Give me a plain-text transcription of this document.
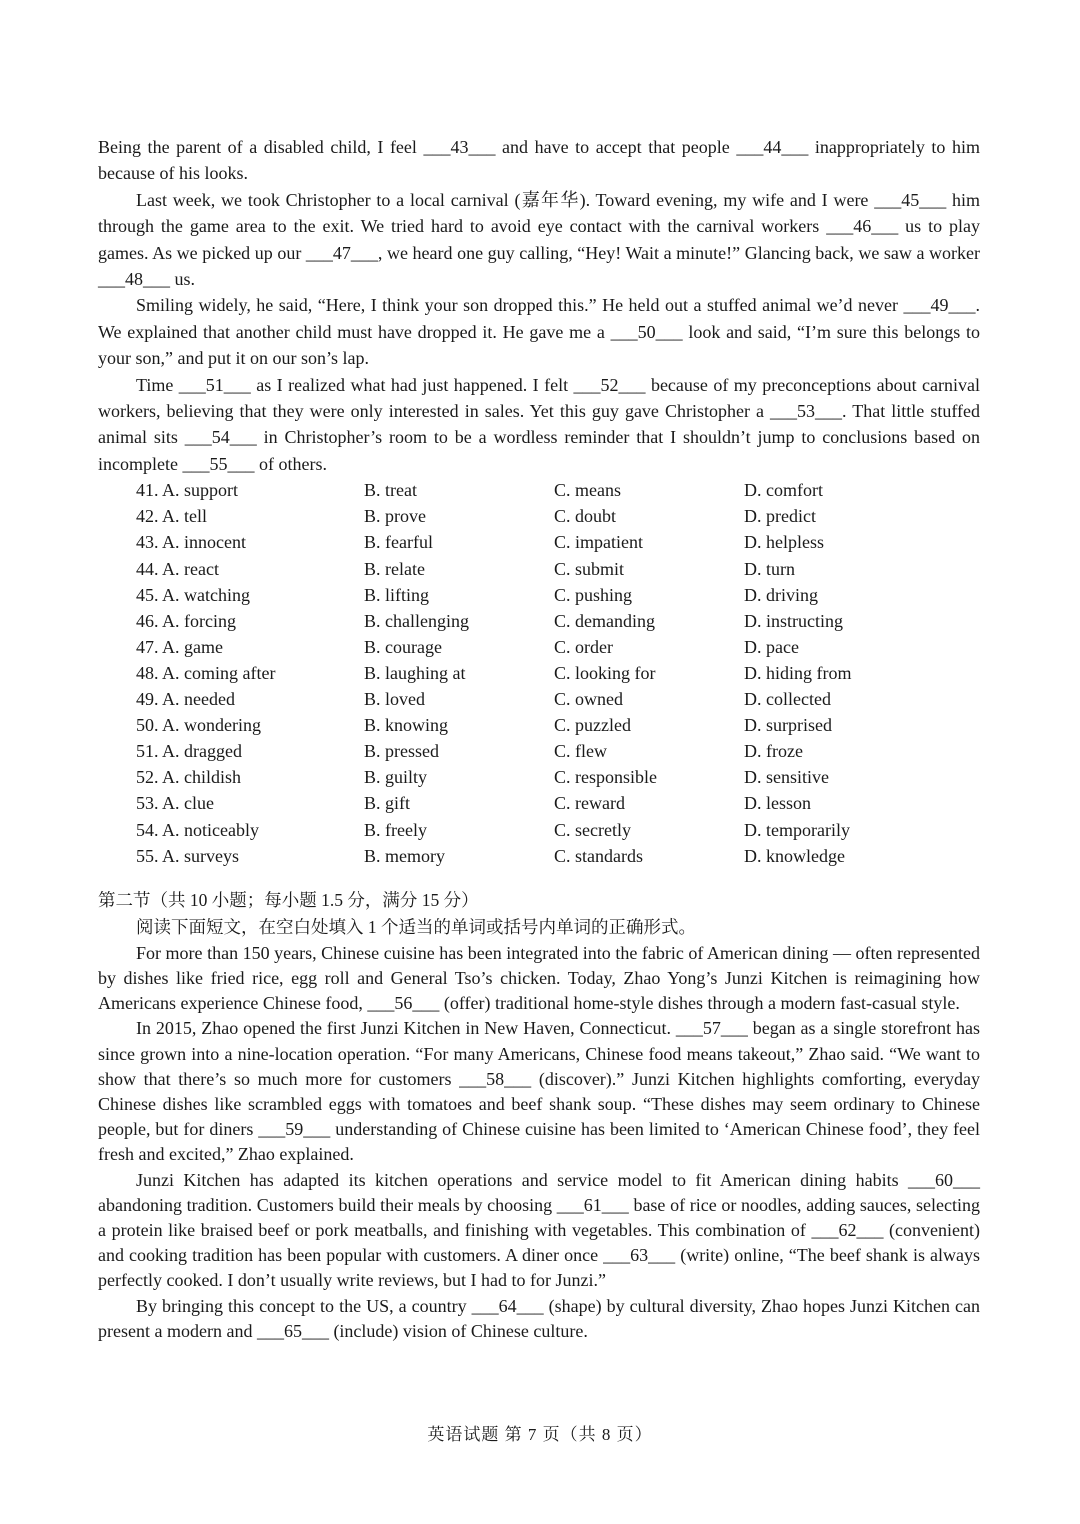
Being the parent of a disabled child, I feel ___43___ and have to accept that people ___44___ inappropriately to him because of his looks.

Last week, we took Christopher to a local carnival (嘉年华). Toward evening, my wife and I were ___45___ him through the game area to the exit. We tried hard to avoid eye contact with the carnival workers ___46___ us to play games. As we picked up our ___47___, we heard one guy calling, “Hey! Wait a minute!” Glancing back, we saw a worker ___48___ us.

Smiling widely, he said, “Here, I think your son dropped this.” He held out a stuffed animal we’d never ___49___. We explained that another child must have dropped it. He gave me a ___50___ look and said, “I’m sure this belongs to your son,” and put it on our son’s lap.

Time ___51___ as I realized what had just happened. I felt ___52___ because of my preconceptions about carnival workers, believing that they were only interested in sales. Yet this guy gave Christopher a ___53___. That little stuffed animal sits ___54___ in Christopher’s room to be a wordless reminder that I shouldn’t jump to conclusions based on incomplete ___55___ of others.

41. A. support	B. treat	C. means	D. comfort
42. A. tell	B. prove	C. doubt	D. predict
43. A. innocent	B. fearful	C. impatient	D. helpless
44. A. react	B. relate	C. submit	D. turn
45. A. watching	B. lifting	C. pushing	D. driving
46. A. forcing	B. challenging	C. demanding	D. instructing
47. A. game	B. courage	C. order	D. pace
48. A. coming after	B. laughing at	C. looking for	D. hiding from
49. A. needed	B. loved	C. owned	D. collected
50. A. wondering	B. knowing	C. puzzled	D. surprised
51. A. dragged	B. pressed	C. flew	D. froze
52. A. childish	B. guilty	C. responsible	D. sensitive
53. A. clue	B. gift	C. reward	D. lesson
54. A. noticeably	B. freely	C. secretly	D. temporarily
55. A. surveys	B. memory	C. standards	D. knowledge
第二节（共 10 小题；每小题 1.5 分，满分 15 分）
阅读下面短文，在空白处填入 1 个适当的单词或括号内单词的正确形式。

For more than 150 years, Chinese cuisine has been integrated into the fabric of American dining — often represented by dishes like fried rice, egg roll and General Tso’s chicken. Today, Zhao Yong’s Junzi Kitchen is reimagining how Americans experience Chinese food, ___56___ (offer) traditional home-style dishes through a modern fast-casual style.

In 2015, Zhao opened the first Junzi Kitchen in New Haven, Connecticut. ___57___ began as a single storefront has since grown into a nine-location operation. “For many Americans, Chinese food means takeout,” Zhao said. “We want to show that there’s so much more for customers ___58___ (discover).” Junzi Kitchen highlights comforting, everyday Chinese dishes like scrambled eggs with tomatoes and beef shank soup. “These dishes may seem ordinary to Chinese people, but for diners ___59___ understanding of Chinese cuisine has been limited to ‘American Chinese food’, they feel fresh and excited,” Zhao explained.

Junzi Kitchen has adapted its kitchen operations and service model to fit American dining habits ___60___ abandoning tradition. Customers build their meals by choosing ___61___ base of rice or noodles, adding sauces, selecting a protein like braised beef or pork meatballs, and finishing with vegetables. This combination of ___62___ (convenient) and cooking tradition has been popular with customers. A diner once ___63___ (write) online, “The beef shank is always perfectly cooked. I don’t usually write reviews, but I had to for Junzi.”

By bringing this concept to the US, a country ___64___ (shape) by cultural diversity, Zhao hopes Junzi Kitchen can present a modern and ___65___ (include) vision of Chinese culture.

英语试题 第 7 页（共 8 页）
